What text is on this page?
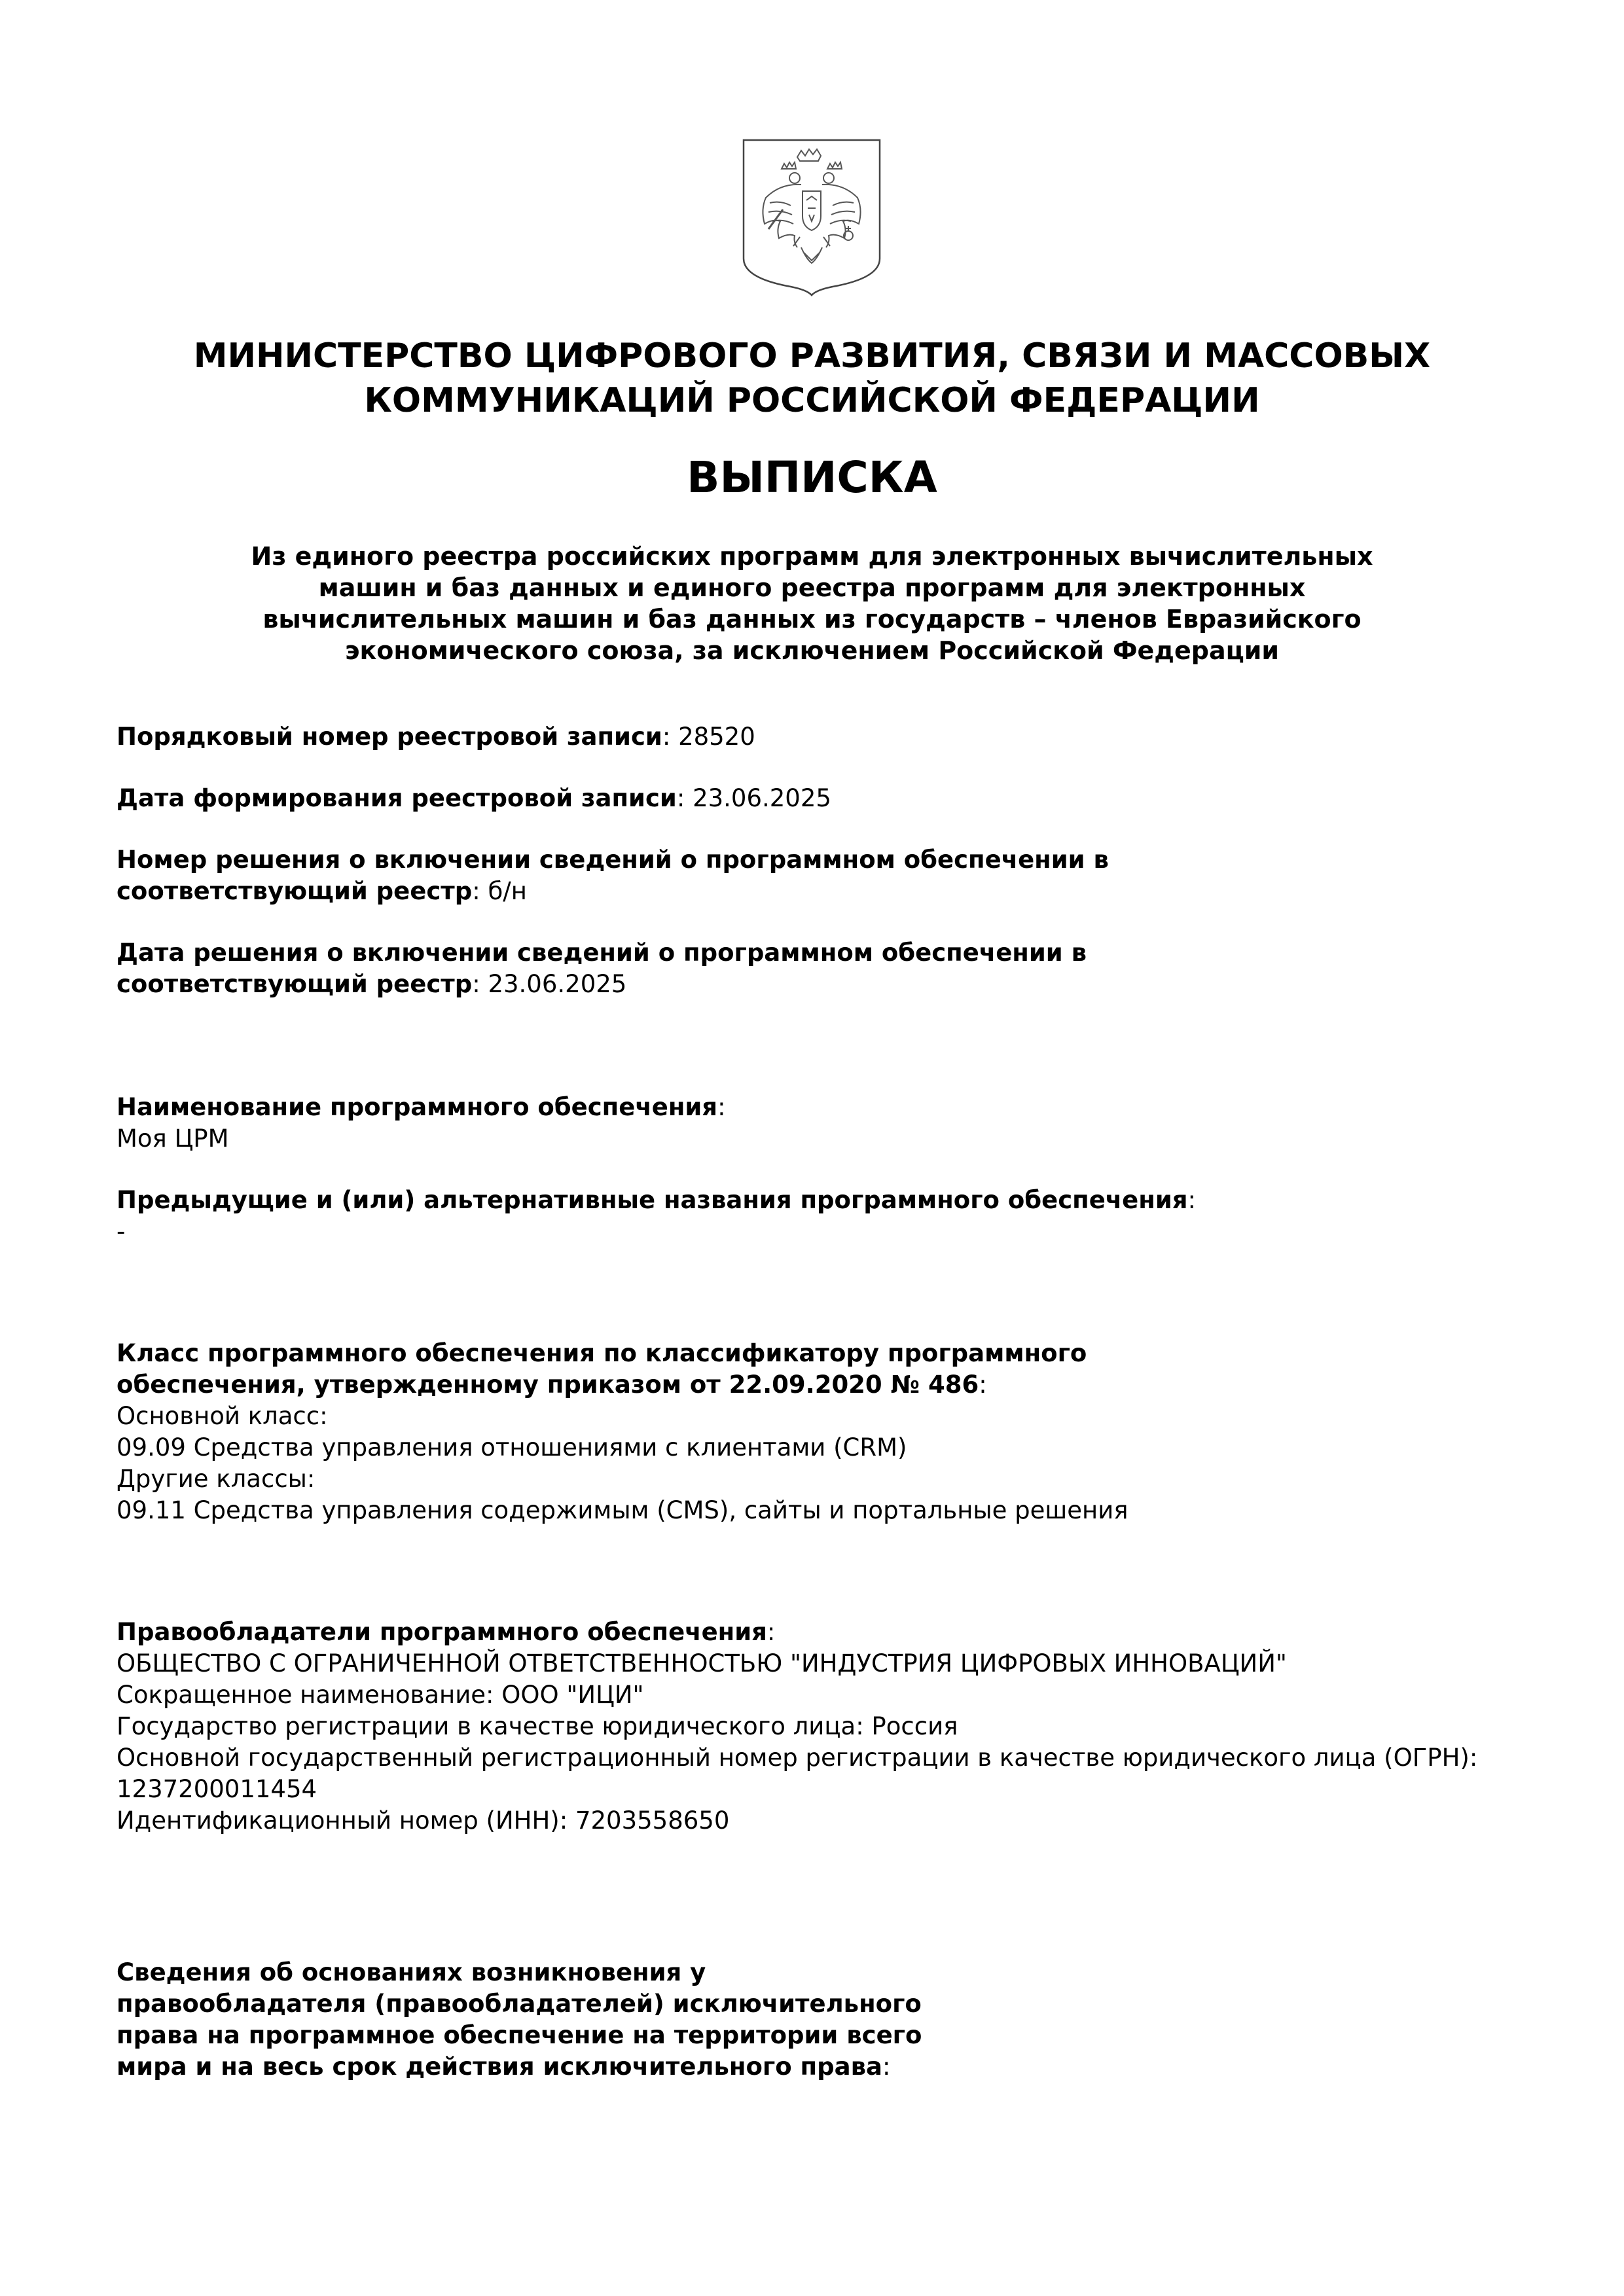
МИНИСТЕРСТВО ЦИФРОВОГО РАЗВИТИЯ, СВЯЗИ И МАССОВЫХ КОММУНИКАЦИЙ РОССИЙСКОЙ ФЕДЕРАЦИИ
ВЫПИСКА
Из единого реестра российских программ для электронных вычислительных машин и баз данных и единого реестра программ для электронных вычислительных машин и баз данных из государств – членов Евразийского экономического союза, за исключением Российской Федерации
Порядковый номер реестровой записи: 28520
Дата формирования реестровой записи: 23.06.2025
Номер решения о включении сведений о программном обеспечении в соответствующий реестр: б/н
Дата решения о включении сведений о программном обеспечении в соответствующий реестр: 23.06.2025
Наименование программного обеспечения:
Моя ЦРМ
Предыдущие и (или) альтернативные названия программного обеспечения:
-
Класс программного обеспечения по классификатору программного обеспечения, утвержденному приказом от 22.09.2020 № 486:
Основной класс:
09.09 Средства управления отношениями с клиентами (CRM)
Другие классы:
09.11 Средства управления содержимым (CMS), сайты и портальные решения
Правообладатели программного обеспечения:
ОБЩЕСТВО С ОГРАНИЧЕННОЙ ОТВЕТСТВЕННОСТЬЮ "ИНДУСТРИЯ ЦИФРОВЫХ ИННОВАЦИЙ"
Сокращенное наименование: ООО "ИЦИ"
Государство регистрации в качестве юридического лица: Россия
Основной государственный регистрационный номер регистрации в качестве юридического лица (ОГРН):
1237200011454
Идентификационный номер (ИНН): 7203558650
Сведения об основаниях возникновения у правообладателя (правообладателей) исключительного права на программное обеспечение на территории всего мира и на весь срок действия исключительного права:
